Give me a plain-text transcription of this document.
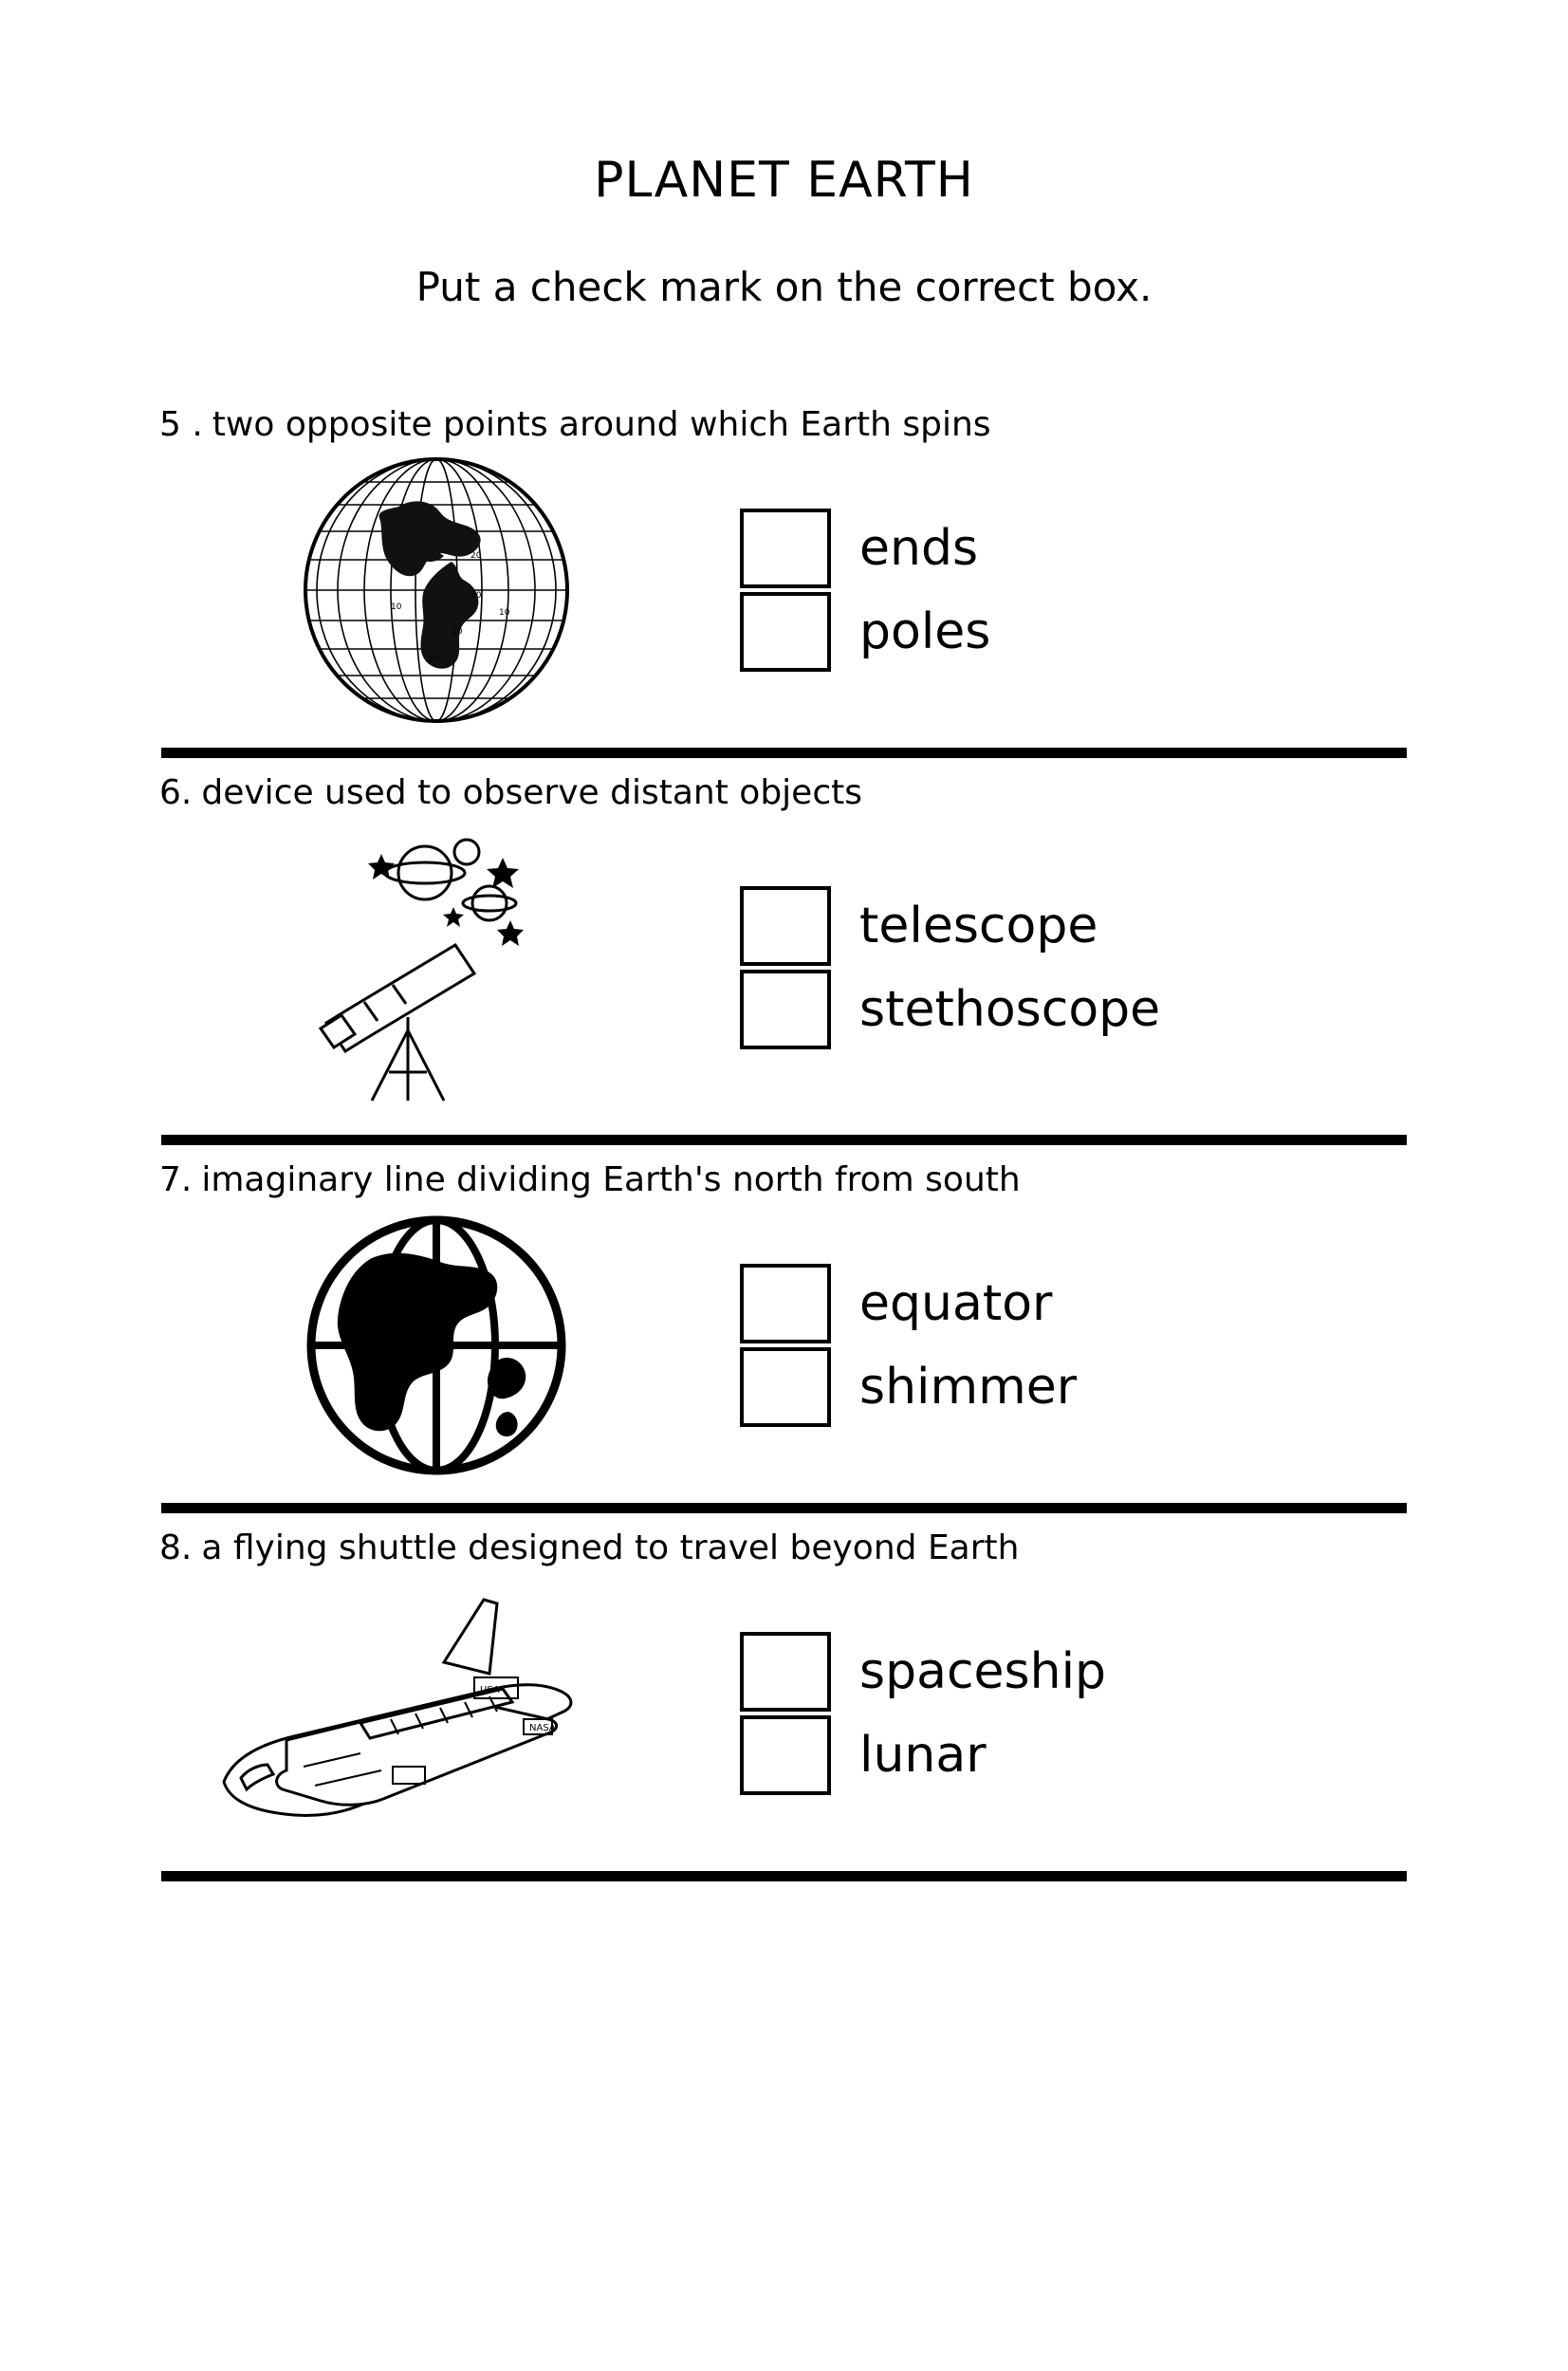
PLANET EARTH
Put a check mark on the correct box.
5 . two opposite points around which Earth spins
10
20
10
10
20
20	ends
poles
6. device used to observe distant objects
telescope
stethoscope
7. imaginary line dividing Earth's north from south
equator
shimmer
8. a flying shuttle designed to travel beyond Earth
USA
NASA
spaceship
lunar
